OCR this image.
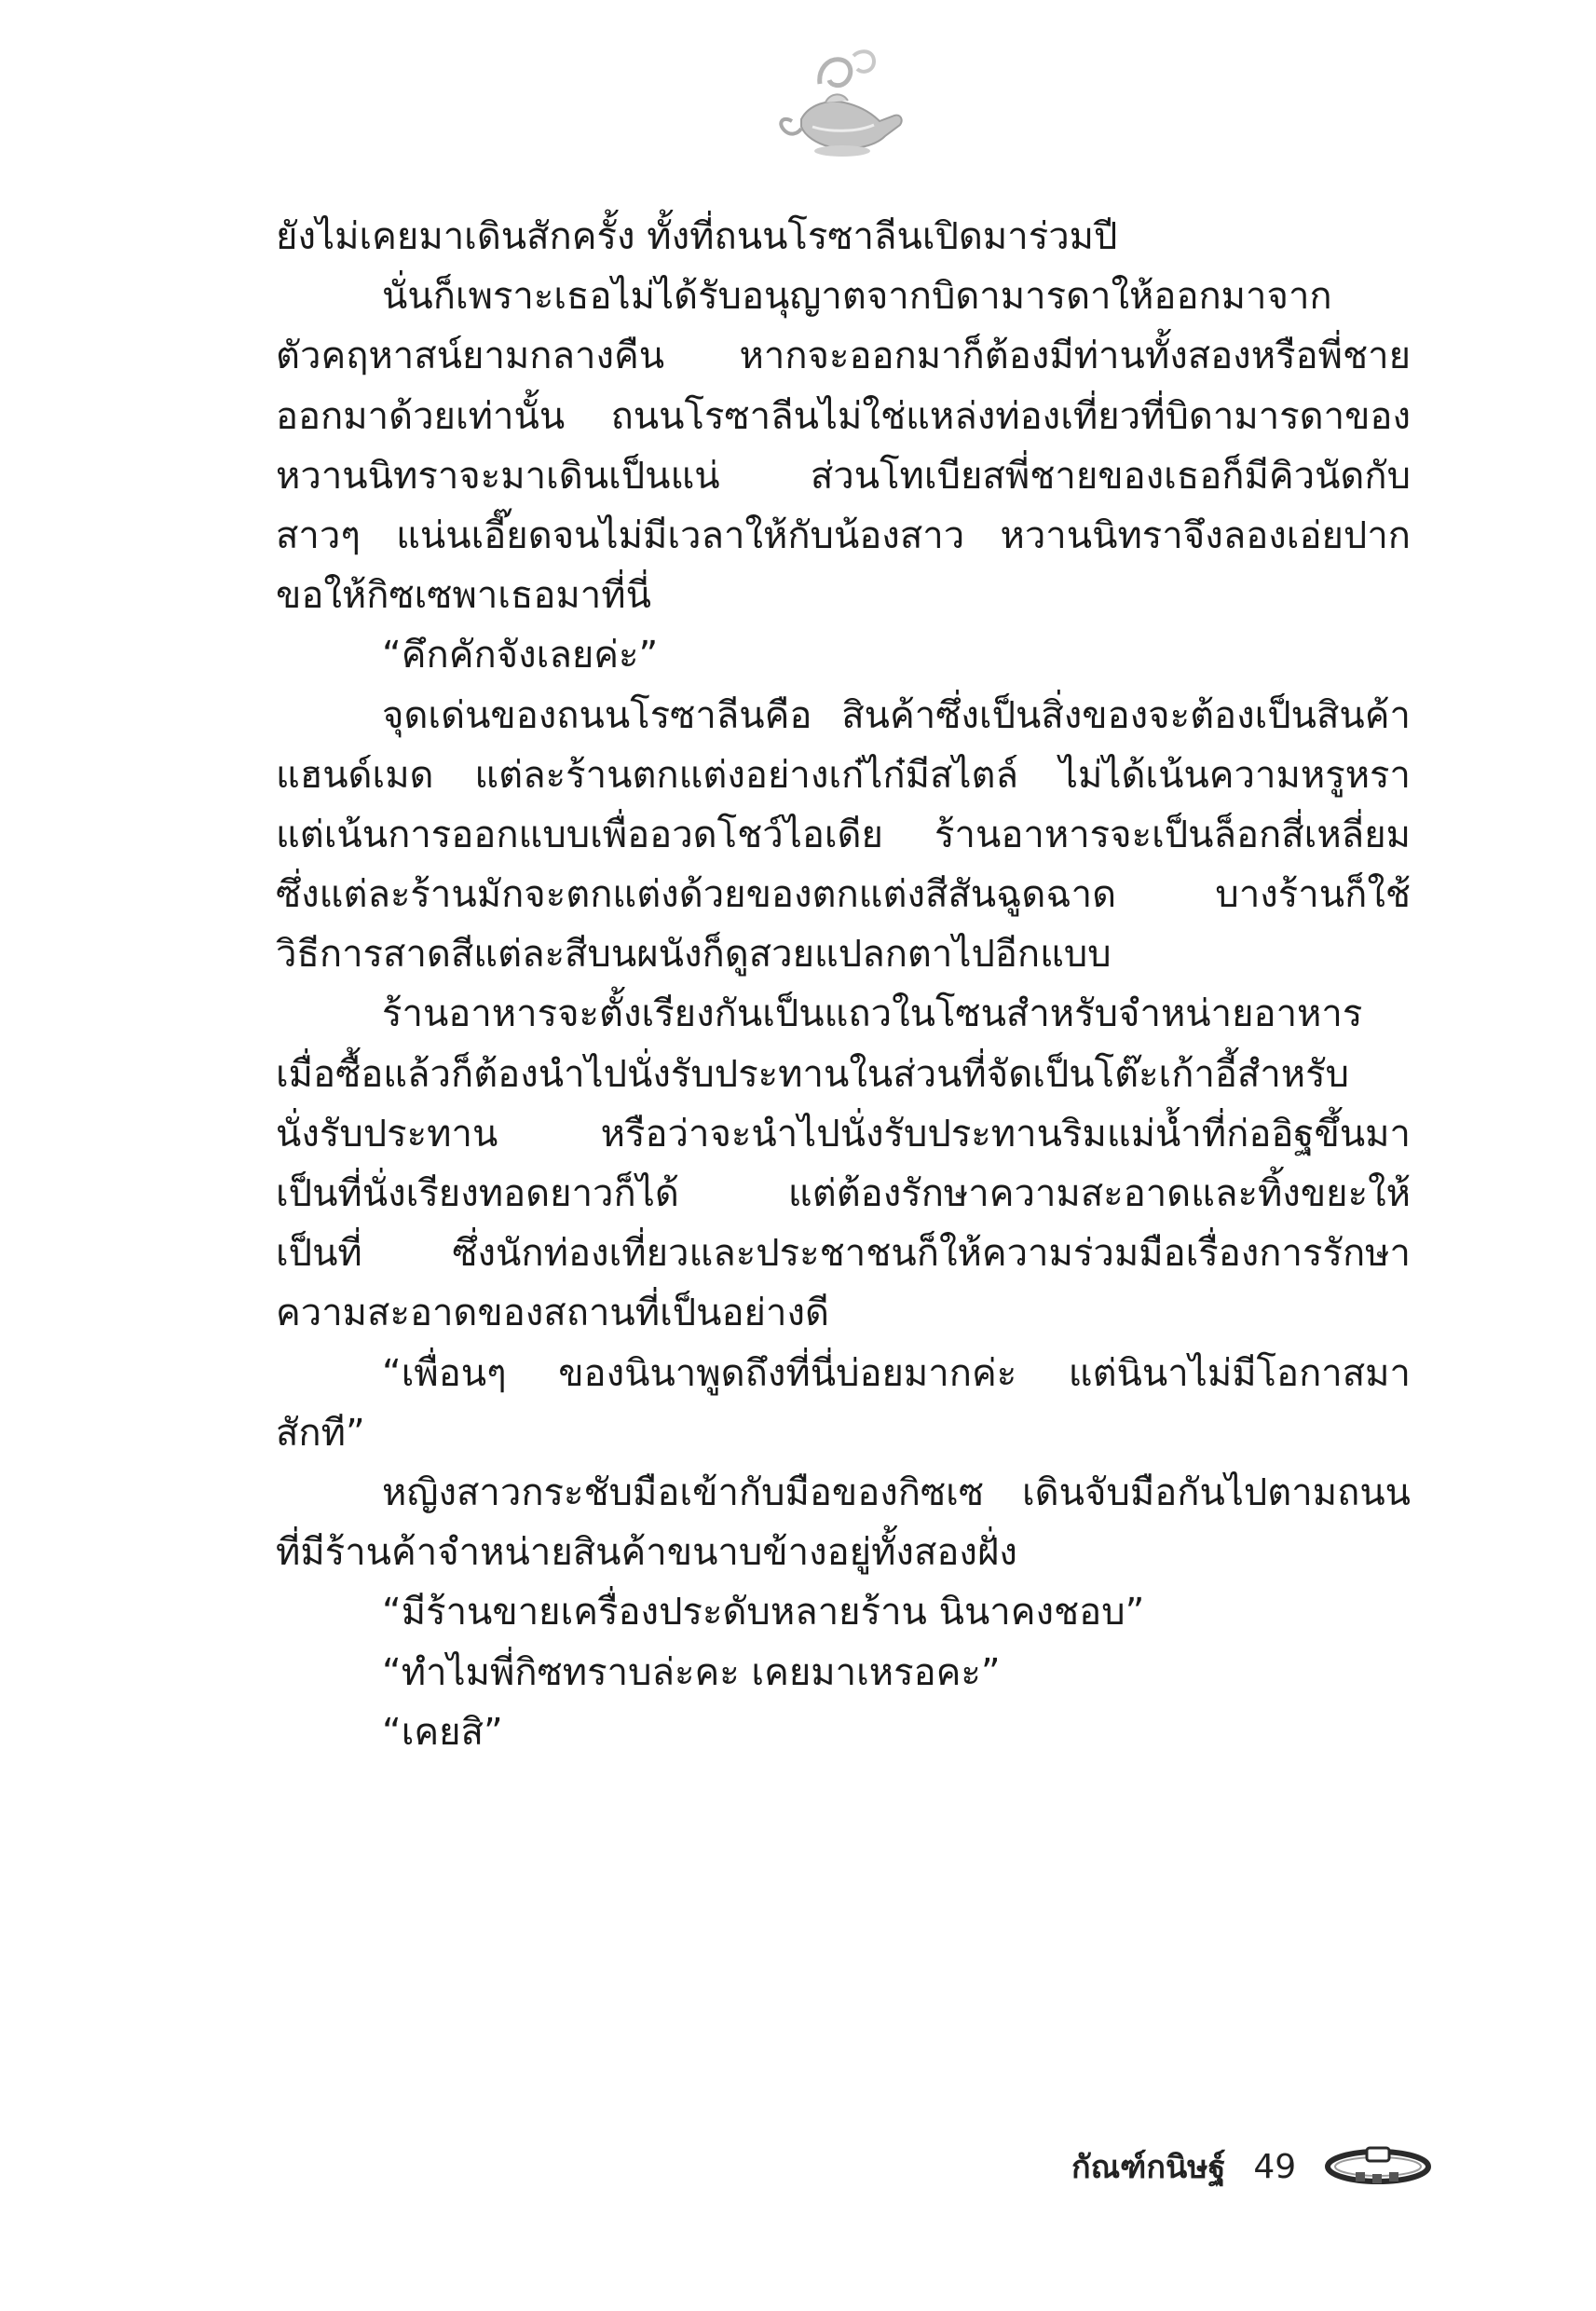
ยังไม่เคยมาเดินสักครั้ง ทั้งที่ถนนโรซาลีนเปิดมาร่วมปี
นั่นก็เพราะเธอไม่ได้รับอนุญาตจากบิดามารดาให้ออกมาจาก
ตัวคฤหาสน์ยามกลางคืน หากจะออกมาก็ต้องมีท่านทั้งสองหรือพี่ชาย
ออกมาด้วยเท่านั้น ถนนโรซาลีนไม่ใช่แหล่งท่องเที่ยวที่บิดามารดาของ
หวานนิทราจะมาเดินเป็นแน่ ส่วนโทเบียสพี่ชายของเธอก็มีคิวนัดกับ
สาวๆ แน่นเอี๊ยดจนไม่มีเวลาให้กับน้องสาว หวานนิทราจึงลองเอ่ยปาก
ขอให้กิซเซพาเธอมาที่นี่
“คึกคักจังเลยค่ะ”
จุดเด่นของถนนโรซาลีนคือ สินค้าซึ่งเป็นสิ่งของจะต้องเป็นสินค้า
แฮนด์เมด แต่ละร้านตกแต่งอย่างเก๋ไก๋มีสไตล์ ไม่ได้เน้นความหรูหรา
แต่เน้นการออกแบบเพื่ออวดโชว์ไอเดีย ร้านอาหารจะเป็นล็อกสี่เหลี่ยม
ซึ่งแต่ละร้านมักจะตกแต่งด้วยของตกแต่งสีสันฉูดฉาด บางร้านก็ใช้
วิธีการสาดสีแต่ละสีบนผนังก็ดูสวยแปลกตาไปอีกแบบ
ร้านอาหารจะตั้งเรียงกันเป็นแถวในโซนสำหรับจำหน่ายอาหาร
เมื่อซื้อแล้วก็ต้องนำไปนั่งรับประทานในส่วนที่จัดเป็นโต๊ะเก้าอี้สำหรับ
นั่งรับประทาน หรือว่าจะนำไปนั่งรับประทานริมแม่น้ำที่ก่ออิฐขึ้นมา
เป็นที่นั่งเรียงทอดยาวก็ได้ แต่ต้องรักษาความสะอาดและทิ้งขยะให้
เป็นที่ ซึ่งนักท่องเที่ยวและประชาชนก็ให้ความร่วมมือเรื่องการรักษา
ความสะอาดของสถานที่เป็นอย่างดี
“เพื่อนๆ ของนินาพูดถึงที่นี่บ่อยมากค่ะ แต่นินาไม่มีโอกาสมา
สักที”
หญิงสาวกระชับมือเข้ากับมือของกิซเซ เดินจับมือกันไปตามถนน
ที่มีร้านค้าจำหน่ายสินค้าขนาบข้างอยู่ทั้งสองฝั่ง
“มีร้านขายเครื่องประดับหลายร้าน นินาคงชอบ”
“ทำไมพี่กิซทราบล่ะคะ เคยมาเหรอคะ”
“เคยสิ”
กัณฑ์กนิษฐ์ 49
